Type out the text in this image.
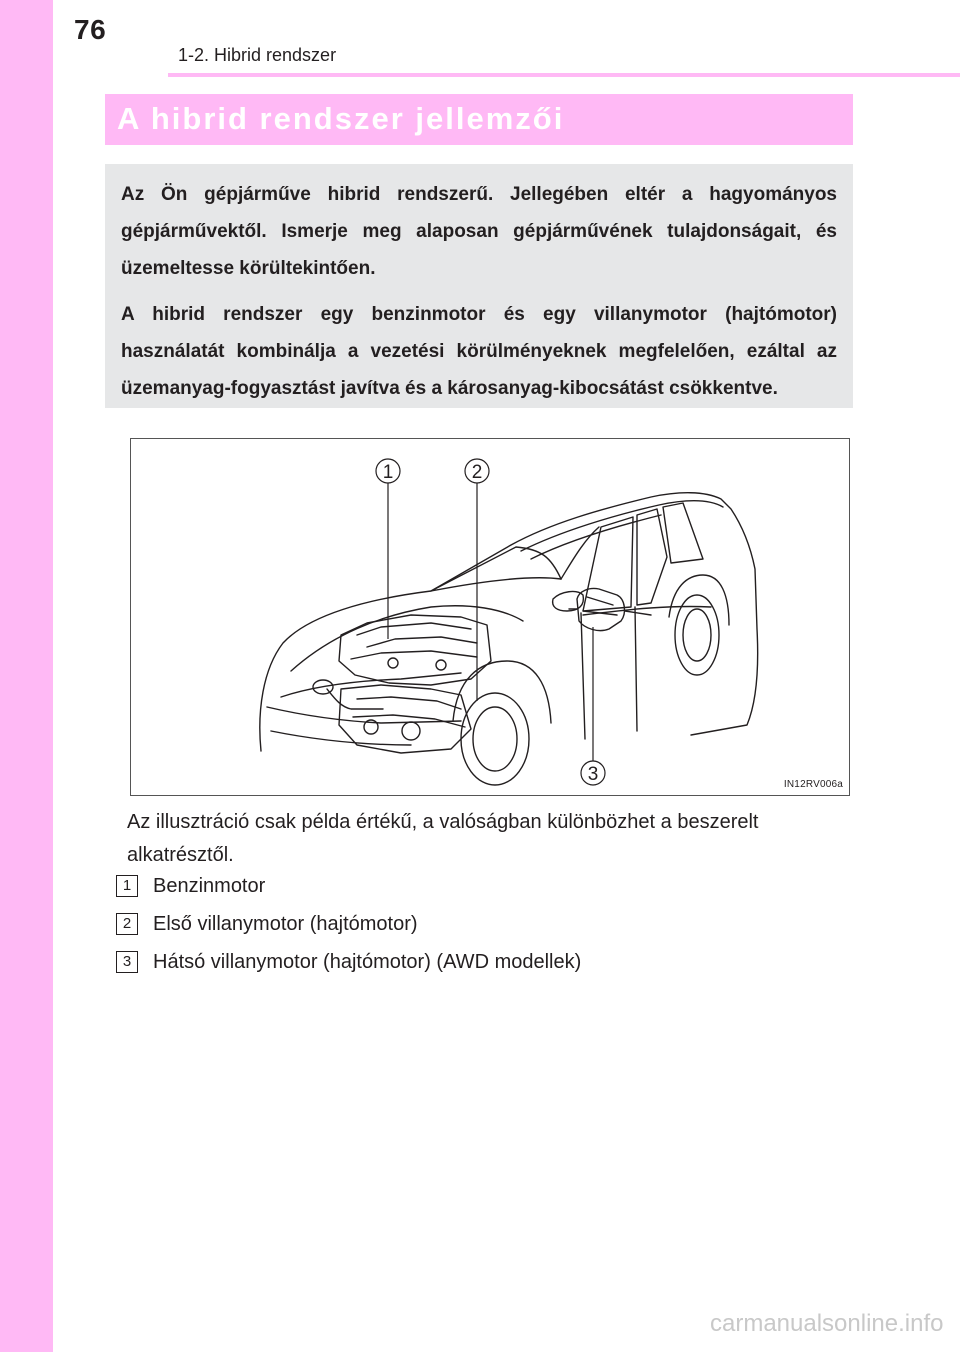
76
1-2. Hibrid rendszer
A hibrid rendszer jellemzői

Az Ön gépjárműve hibrid rendszerű. Jellegében eltér a hagyományos gépjárművektől. Ismerje meg alaposan gépjárművének tulajdonságait, és üzemeltesse körültekintően.

A hibrid rendszer egy benzinmotor és egy villanymotor (hajtómotor) használatát kombinálja a vezetési körülményeknek megfelelően, ezáltal az üzemanyag-fogyasztást javítva és a károsanyag-kibocsátást csökkentve.

1	2
3	IN12RV006a
Az illusztráció csak példa értékű, a valóságban különbözhet a beszerelt alkatrésztől.
1	Benzinmotor
2	Első villanymotor (hajtómotor)
3	Hátsó villanymotor (hajtómotor) (AWD modellek)
carmanualsonline.info
